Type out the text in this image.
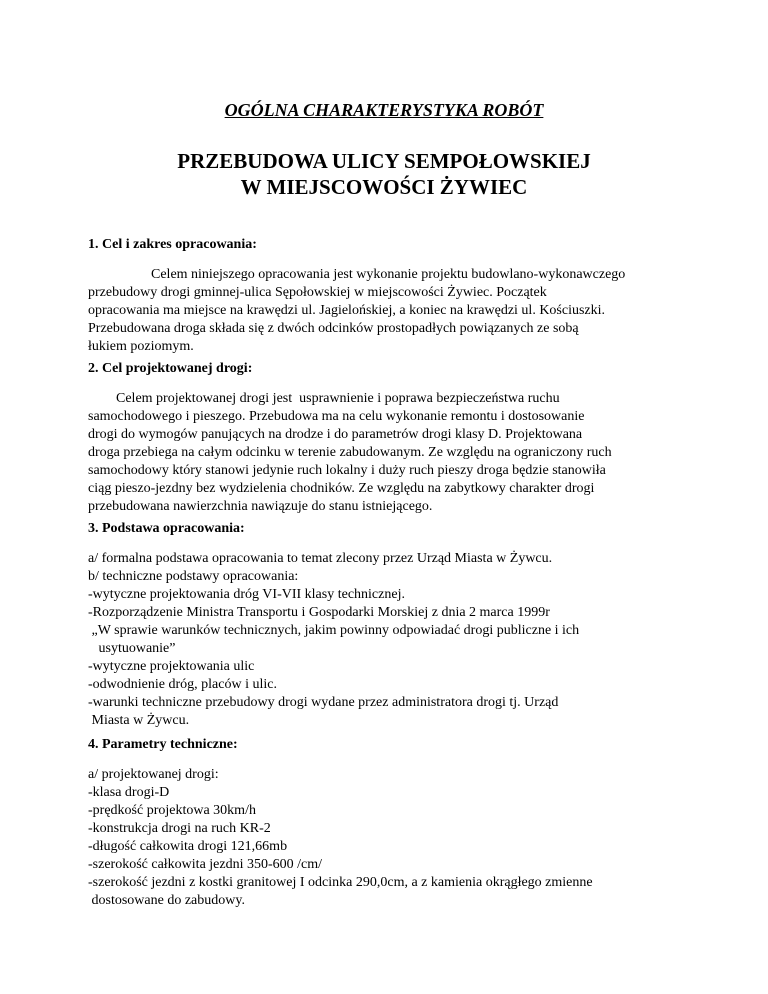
OGÓLNA CHARAKTERYSTYKA ROBÓT
PRZEBUDOWA ULICY SEMPOŁOWSKIEJ
W MIEJSCOWOŚCI ŻYWIEC

1. Cel i zakres opracowania:

Celem niniejszego opracowania jest wykonanie projektu budowlano-wykonawczego
przebudowy drogi gminnej-ulica Sępołowskiej w miejscowości Żywiec. Początek
opracowania ma miejsce na krawędzi ul. Jagielońskiej, a koniec na krawędzi ul. Kościuszki.
Przebudowana droga składa się z dwóch odcinków prostopadłych powiązanych ze sobą
łukiem poziomym.

2. Cel projektowanej drogi:

Celem projektowanej drogi jest  usprawnienie i poprawa bezpieczeństwa ruchu
samochodowego i pieszego. Przebudowa ma na celu wykonanie remontu i dostosowanie
drogi do wymogów panujących na drodze i do parametrów drogi klasy D. Projektowana
droga przebiega na całym odcinku w terenie zabudowanym. Ze względu na ograniczony ruch
samochodowy który stanowi jedynie ruch lokalny i duży ruch pieszy droga będzie stanowiła
ciąg pieszo-jezdny bez wydzielenia chodników. Ze względu na zabytkowy charakter drogi
przebudowana nawierzchnia nawiązuje do stanu istniejącego.

3. Podstawa opracowania:

a/ formalna podstawa opracowania to temat zlecony przez Urząd Miasta w Żywcu.
b/ techniczne podstawy opracowania:
-wytyczne projektowania dróg VI-VII klasy technicznej.
-Rozporządzenie Ministra Transportu i Gospodarki Morskiej z dnia 2 marca 1999r
„W sprawie warunków technicznych, jakim powinny odpowiadać drogi publiczne i ich
usytuowanie”
-wytyczne projektowania ulic
-odwodnienie dróg, placów i ulic.
-warunki techniczne przebudowy drogi wydane przez administratora drogi tj. Urząd
Miasta w Żywcu.

4. Parametry techniczne:

a/ projektowanej drogi:
-klasa drogi-D
-prędkość projektowa 30km/h
-konstrukcja drogi na ruch KR-2
-długość całkowita drogi 121,66mb
-szerokość całkowita jezdni 350-600 /cm/
-szerokość jezdni z kostki granitowej I odcinka 290,0cm, a z kamienia okrągłego zmienne
dostosowane do zabudowy.
